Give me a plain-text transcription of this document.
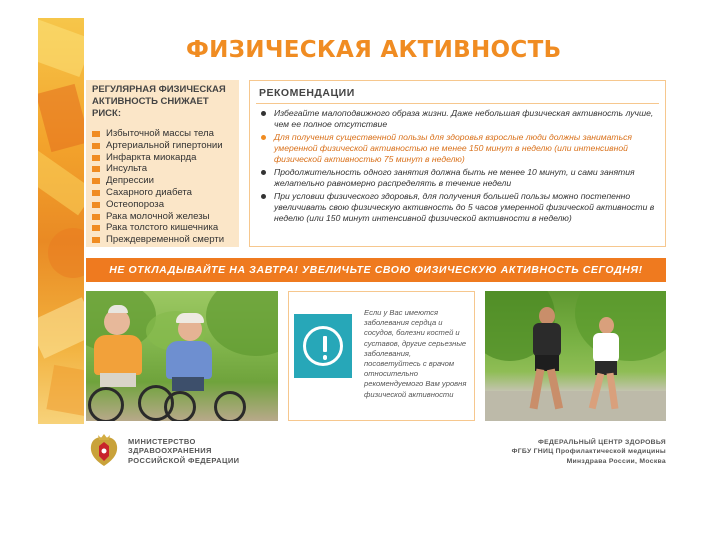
ФИЗИЧЕСКАЯ АКТИВНОСТЬ
РЕГУЛЯРНАЯ ФИЗИЧЕСКАЯ
АКТИВНОСТЬ СНИЖАЕТ РИСК:
Избыточной массы тела
Артериальной гипертонии
Инфаркта миокарда
Инсульта
Депрессии
Сахарного диабета
Остеопороза
Рака молочной железы
Рака толстого кишечника
Преждевременной смерти
РЕКОМЕНДАЦИИ
Избегайте малоподвижного образа жизни. Даже небольшая физическая активность лучше, чем ее полное отсутствие
Для получения существенной пользы для здоровья взрослые люди должны заниматься умеренной физической активностью не менее 150 минут в неделю (или интенсивной физической активностью 75 минут в неделю)
Продолжительность одного занятия должна быть не менее 10 минут, и сами занятия желательно равномерно распределять в течение недели
При условии физического здоровья, для получения большей пользы можно постепенно увеличивать свою физическую активность до 5 часов умеренной физической активности в неделю (или 150 минут интенсивной физической активности в неделю)
НЕ ОТКЛАДЫВАЙТЕ НА ЗАВТРА! УВЕЛИЧЬТЕ СВОЮ ФИЗИЧЕСКУЮ АКТИВНОСТЬ СЕГОДНЯ!

Если у Вас имеются заболевания сердца и сосудов, болезни костей и суставов, другие серьезные заболевания, посоветуйтесь с врачом относительно рекомендуемого Вам уровня физической активности

МИНИСТЕРСТВО
ЗДРАВООХРАНЕНИЯ
РОССИЙСКОЙ ФЕДЕРАЦИИ
ФЕДЕРАЛЬНЫЙ ЦЕНТР ЗДОРОВЬЯ
ФГБУ ГНИЦ Профилактической медицины
Минздрава России, Москва
